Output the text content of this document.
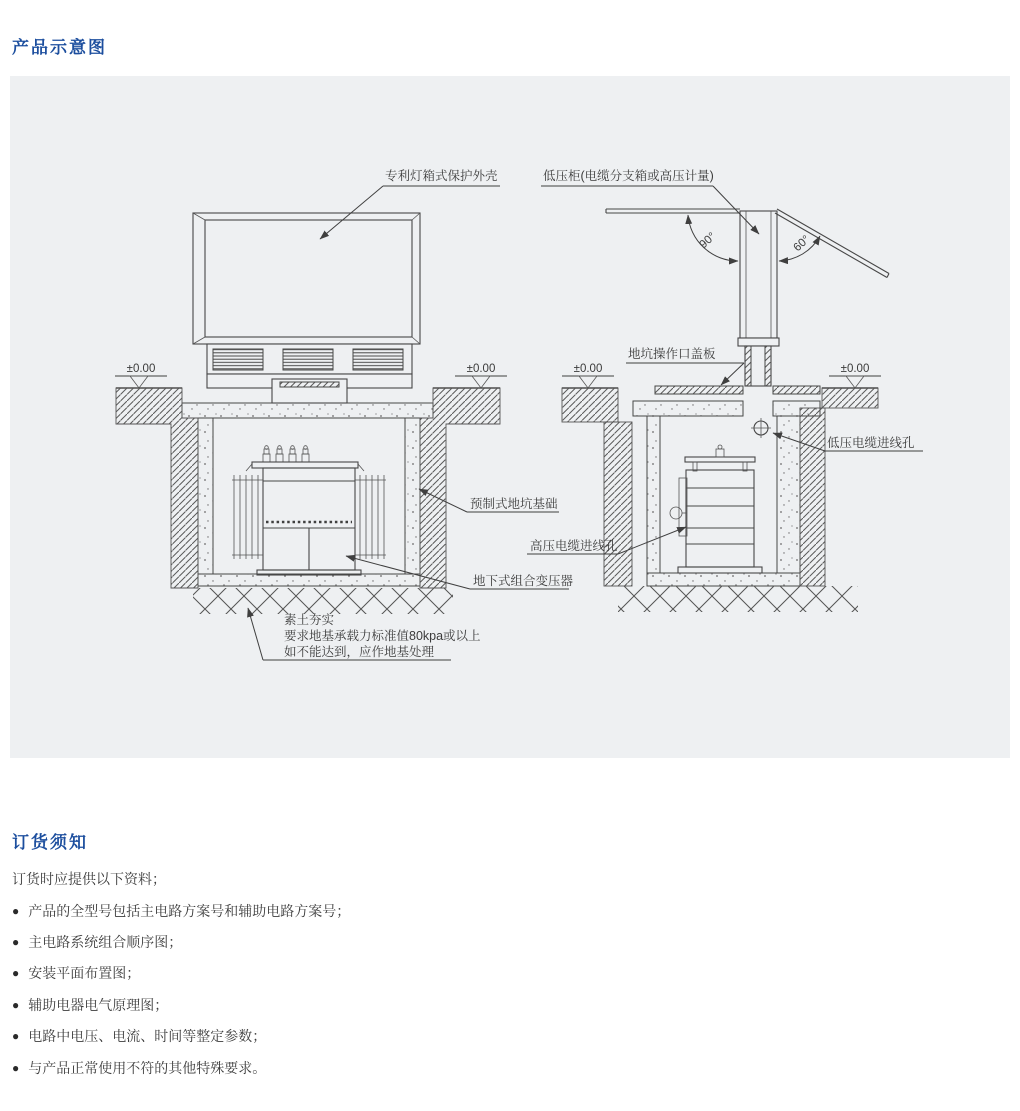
产品示意图
±0.00	±0.00
专利灯箱式保护外壳
预制式地坑基础
地下式组合变压器
素土夯实
要求地基承载力标准值80kpa或以上
如不能达到，应作地基处理
90°	60°
±0.00	±0.00
低压柜(电缆分支箱或高压计量)
地坑操作口盖板
低压电缆进线孔
高压电缆进线孔
订货须知

订货时应提供以下资料；

● 产品的全型号包括主电路方案号和辅助电路方案号；
● 主电路系统组合顺序图；
● 安装平面布置图；
● 辅助电器电气原理图；
● 电路中电压、电流、时间等整定参数；
● 与产品正常使用不符的其他特殊要求。
